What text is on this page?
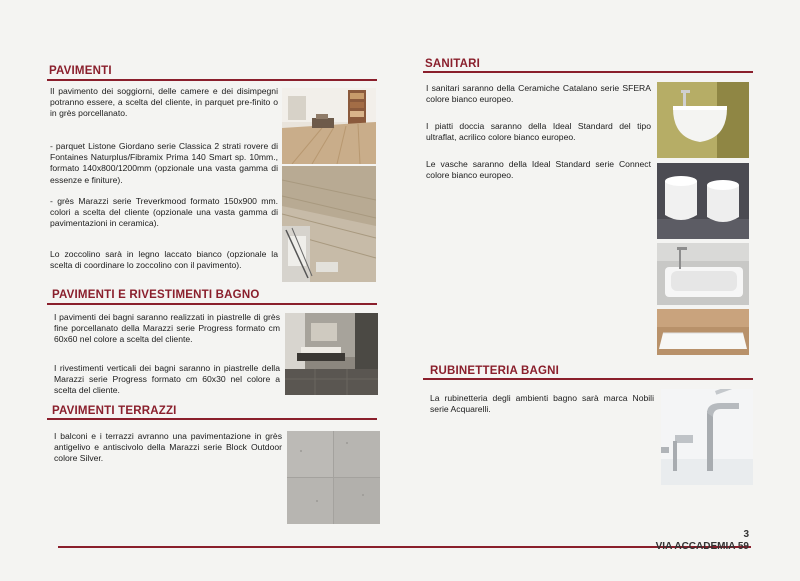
PAVIMENTI
Il pavimento dei soggiorni, delle camere e dei disimpegni potranno essere, a scelta del cliente, in parquet pre-finito o in grès porcellanato.
- parquet Listone Giordano serie Classica 2 strati rovere di Fontaines Naturplus/Fibramix Prima 140 Smart sp. 10mm., formato 140x800/1200mm (opzionale una vasta gamma di essenze e finiture).
- grès Marazzi serie Treverkmood formato 150x900 mm. colori a scelta del cliente (opzionale una vasta gamma di pavimentazioni in ceramica).
Lo zoccolino sarà in legno laccato bianco (opzionale la scelta di coordinare lo zoccolino con il pavimento).
PAVIMENTI E RIVESTIMENTI BAGNO
I pavimenti dei bagni saranno realizzati in piastrelle di grès fine porcellanato della Marazzi serie Progress formato cm 60x60 nel colore a scelta del cliente.
I rivestimenti verticali dei bagni saranno in piastrelle della Marazzi serie Progress formato cm 60x30 nel colore a scelta del cliente.
PAVIMENTI TERRAZZI
I balconi e i terrazzi avranno una pavimentazione in grès antigelivo e antiscivolo della Marazzi serie Block Outdoor colore Silver.
SANITARI
I sanitari saranno della Ceramiche Catalano serie SFERA colore bianco europeo.
I piatti doccia saranno della Ideal Standard del tipo ultraflat, acrilico colore bianco europeo.
Le vasche saranno della Ideal Standard serie Connect colore bianco europeo.
RUBINETTERIA BAGNI
La rubinetteria degli ambienti bagno sarà marca Nobili serie Acquarelli.
3
VIA ACCADEMIA 59
